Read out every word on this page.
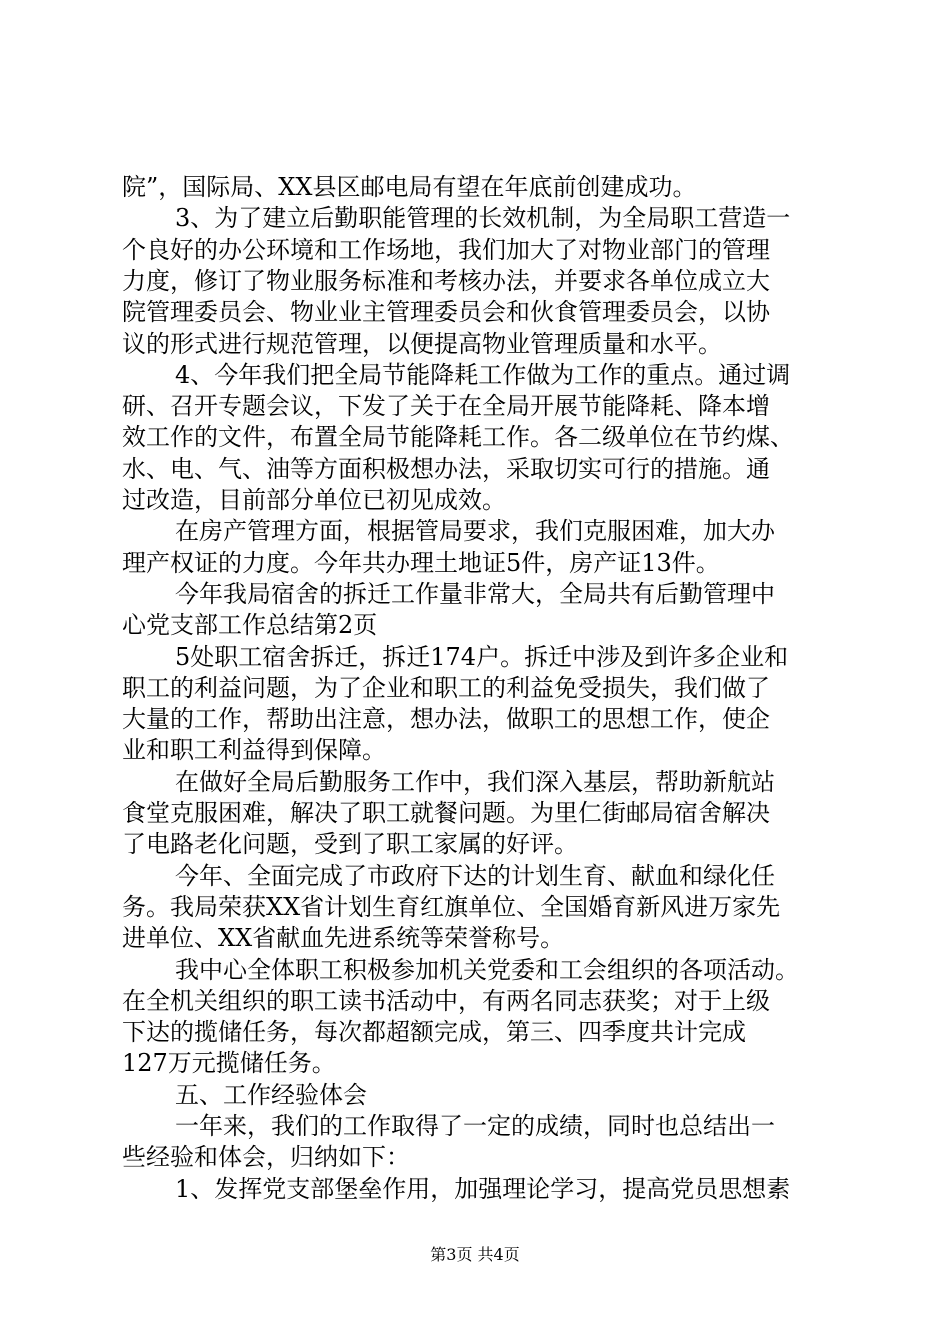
院”，国际局、XX县区邮电局有望在年底前创建成功。
3、为了建立后勤职能管理的长效机制，为全局职工营造一
个良好的办公环境和工作场地，我们加大了对物业部门的管理
力度，修订了物业服务标准和考核办法，并要求各单位成立大
院管理委员会、物业业主管理委员会和伙食管理委员会，以协
议的形式进行规范管理，以便提高物业管理质量和水平。
4、今年我们把全局节能降耗工作做为工作的重点。通过调
研、召开专题会议，下发了关于在全局开展节能降耗、降本增
效工作的文件，布置全局节能降耗工作。各二级单位在节约煤、
水、电、气、油等方面积极想办法，采取切实可行的措施。通
过改造，目前部分单位已初见成效。
在房产管理方面，根据管局要求，我们克服困难，加大办
理产权证的力度。今年共办理土地证5件，房产证13件。
今年我局宿舍的拆迁工作量非常大，全局共有后勤管理中
心党支部工作总结第2页
5处职工宿舍拆迁，拆迁174户。拆迁中涉及到许多企业和
职工的利益问题，为了企业和职工的利益免受损失，我们做了
大量的工作，帮助出注意，想办法，做职工的思想工作，使企
业和职工利益得到保障。
在做好全局后勤服务工作中，我们深入基层，帮助新航站
食堂克服困难，解决了职工就餐问题。为里仁街邮局宿舍解决
了电路老化问题，受到了职工家属的好评。
今年、全面完成了市政府下达的计划生育、献血和绿化任
务。我局荣获XX省计划生育红旗单位、全国婚育新风进万家先
进单位、XX省献血先进系统等荣誉称号。
我中心全体职工积极参加机关党委和工会组织的各项活动。
在全机关组织的职工读书活动中，有两名同志获奖；对于上级
下达的揽储任务，每次都超额完成，第三、四季度共计完成
127万元揽储任务。
五、工作经验体会
一年来，我们的工作取得了一定的成绩，同时也总结出一
些经验和体会，归纳如下：
1、发挥党支部堡垒作用，加强理论学习，提高党员思想素
第3页 共4页
